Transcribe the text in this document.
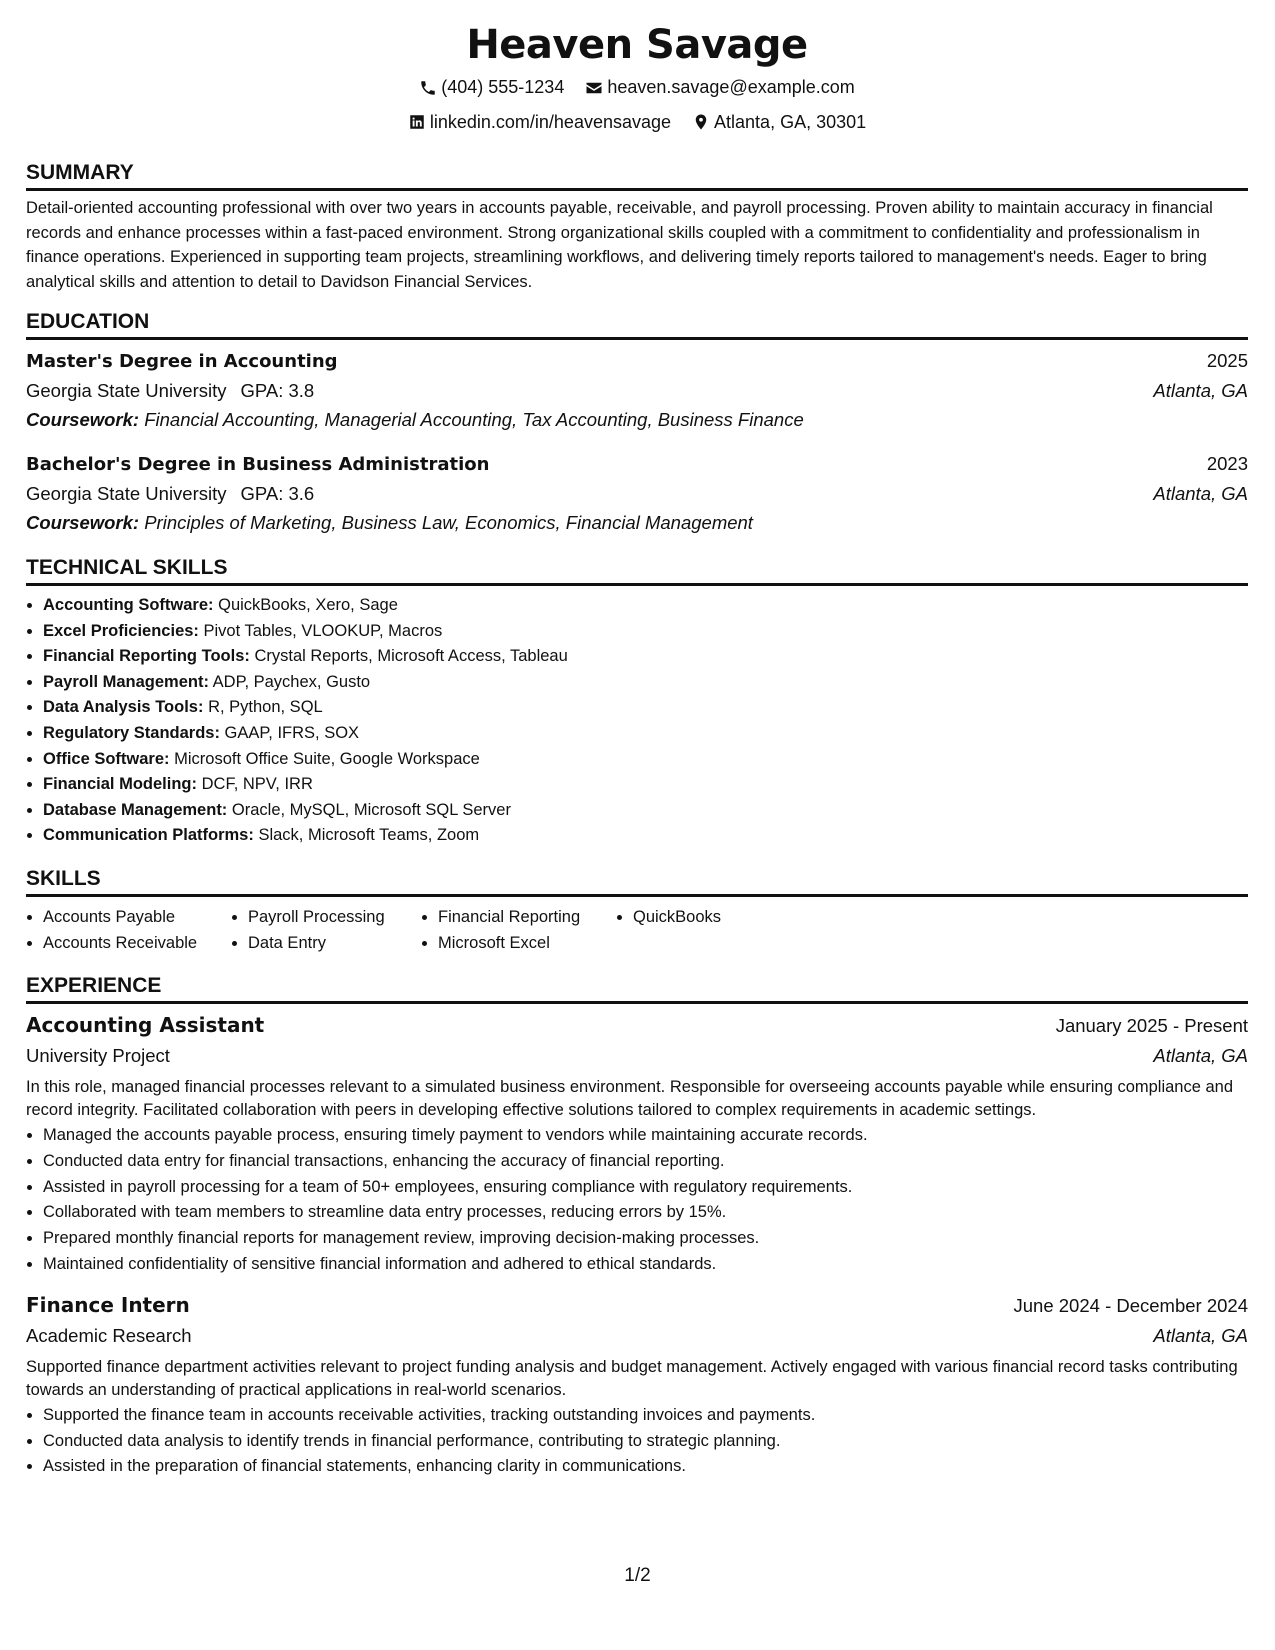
Heaven Savage
(404) 555-1234
heaven.savage@example.com
linkedin.com/in/heavensavage
Atlanta, GA, 30301
SUMMARY

Detail-oriented accounting professional with over two years in accounts payable, receivable, and payroll processing. Proven ability to maintain accuracy in financial records and enhance processes within a fast-paced environment. Strong organizational skills coupled with a commitment to confidentiality and professionalism in finance operations. Experienced in supporting team projects, streamlining workflows, and delivering timely reports tailored to management's needs. Eager to bring analytical skills and attention to detail to Davidson Financial Services.

EDUCATION
Master's Degree in Accounting	2025
Georgia State University GPA: 3.8	Atlanta, GA
Coursework: Financial Accounting, Managerial Accounting, Tax Accounting, Business Finance
Bachelor's Degree in Business Administration	2023
Georgia State University GPA: 3.6	Atlanta, GA
Coursework: Principles of Marketing, Business Law, Economics, Financial Management
TECHNICAL SKILLS
• Accounting Software: QuickBooks, Xero, Sage
• Excel Proficiencies: Pivot Tables, VLOOKUP, Macros
• Financial Reporting Tools: Crystal Reports, Microsoft Access, Tableau
• Payroll Management: ADP, Paychex, Gusto
• Data Analysis Tools: R, Python, SQL
• Regulatory Standards: GAAP, IFRS, SOX
• Office Software: Microsoft Office Suite, Google Workspace
• Financial Modeling: DCF, NPV, IRR
• Database Management: Oracle, MySQL, Microsoft SQL Server
• Communication Platforms: Slack, Microsoft Teams, Zoom
SKILLS
• Accounts Payable
• Accounts Receivable
• Payroll Processing
• Data Entry
• Financial Reporting
• Microsoft Excel
• QuickBooks
EXPERIENCE
Accounting Assistant	January 2025 - Present
University Project	Atlanta, GA

In this role, managed financial processes relevant to a simulated business environment. Responsible for overseeing accounts payable while ensuring compliance and record integrity. Facilitated collaboration with peers in developing effective solutions tailored to complex requirements in academic settings.

• Managed the accounts payable process, ensuring timely payment to vendors while maintaining accurate records.
• Conducted data entry for financial transactions, enhancing the accuracy of financial reporting.
• Assisted in payroll processing for a team of 50+ employees, ensuring compliance with regulatory requirements.
• Collaborated with team members to streamline data entry processes, reducing errors by 15%.
• Prepared monthly financial reports for management review, improving decision-making processes.
• Maintained confidentiality of sensitive financial information and adhered to ethical standards.
Finance Intern	June 2024 - December 2024
Academic Research	Atlanta, GA

Supported finance department activities relevant to project funding analysis and budget management. Actively engaged with various financial record tasks contributing towards an understanding of practical applications in real-world scenarios.

• Supported the finance team in accounts receivable activities, tracking outstanding invoices and payments.
• Conducted data analysis to identify trends in financial performance, contributing to strategic planning.
• Assisted in the preparation of financial statements, enhancing clarity in communications.
1/2
